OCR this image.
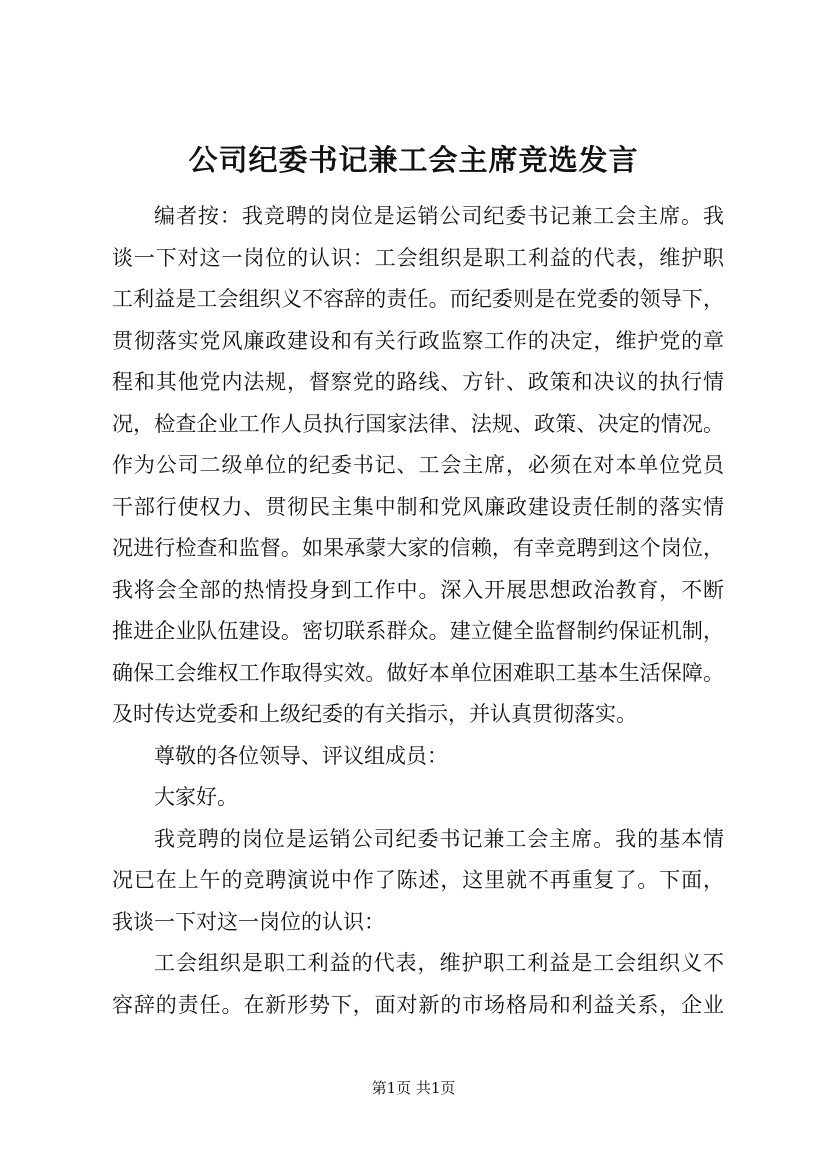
公司纪委书记兼工会主席竞选发言
编者按：我竞聘的岗位是运销公司纪委书记兼工会主席。我
谈一下对这一岗位的认识：工会组织是职工利益的代表，维护职
工利益是工会组织义不容辞的责任。而纪委则是在党委的领导下，
贯彻落实党风廉政建设和有关行政监察工作的决定，维护党的章
程和其他党内法规，督察党的路线、方针、政策和决议的执行情
况，检查企业工作人员执行国家法律、法规、政策、决定的情况。
作为公司二级单位的纪委书记、工会主席，必须在对本单位党员
干部行使权力、贯彻民主集中制和党风廉政建设责任制的落实情
况进行检查和监督。如果承蒙大家的信赖，有幸竞聘到这个岗位，
我将会全部的热情投身到工作中。深入开展思想政治教育，不断
推进企业队伍建设。密切联系群众。建立健全监督制约保证机制，
确保工会维权工作取得实效。做好本单位困难职工基本生活保障。
及时传达党委和上级纪委的有关指示，并认真贯彻落实。
尊敬的各位领导、评议组成员：
大家好。
我竞聘的岗位是运销公司纪委书记兼工会主席。我的基本情
况已在上午的竞聘演说中作了陈述，这里就不再重复了。下面，
我谈一下对这一岗位的认识：
工会组织是职工利益的代表，维护职工利益是工会组织义不
容辞的责任。在新形势下，面对新的市场格局和利益关系，企业
第1页 共1页
